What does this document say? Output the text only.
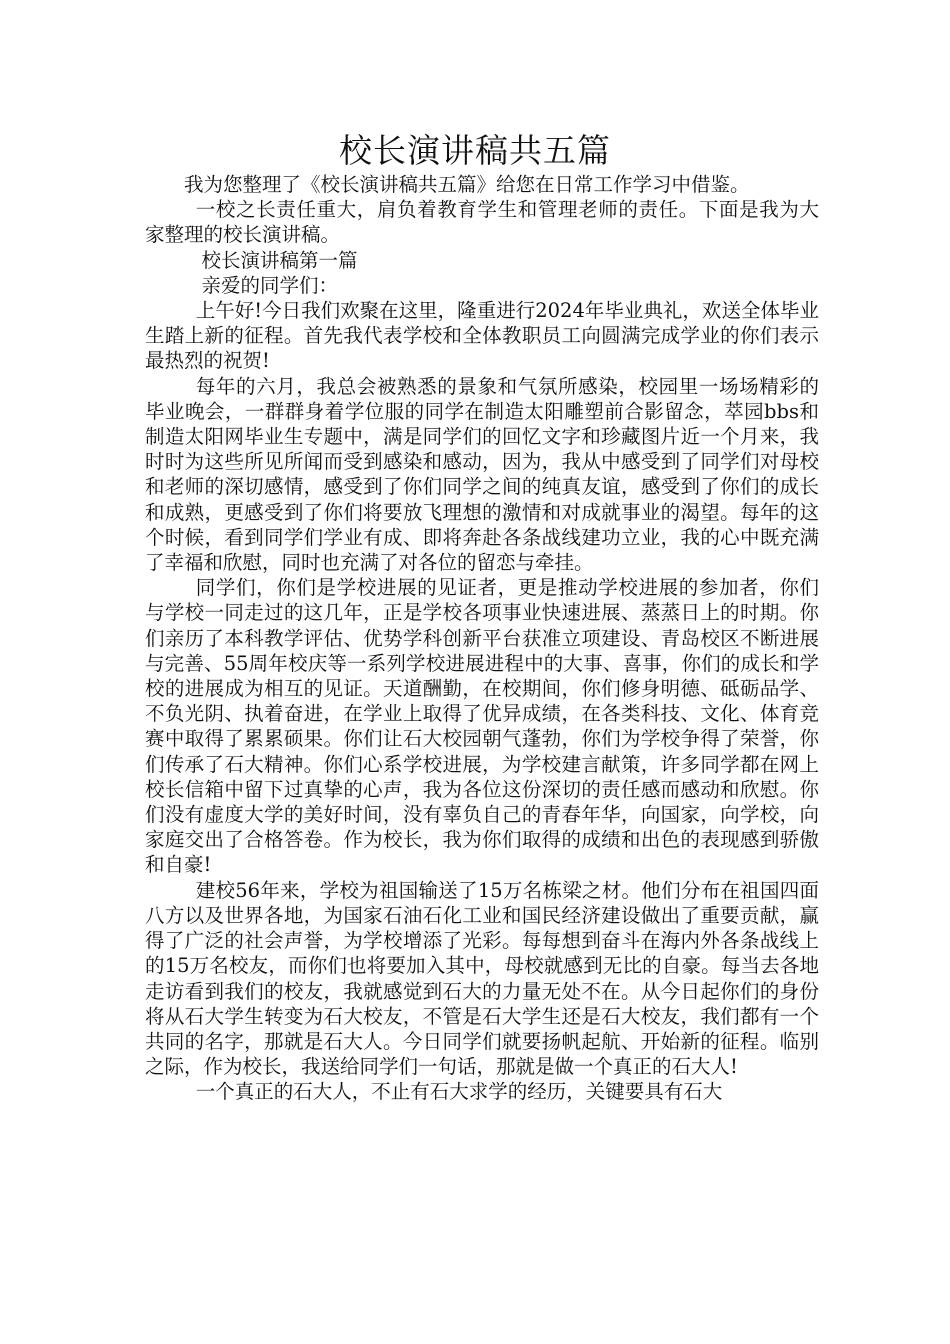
校长演讲稿共五篇

我为您整理了《校长演讲稿共五篇》给您在日常工作学习中借鉴。

一校之长责任重大，肩负着教育学生和管理老师的责任。下面是我为大家整理的校长演讲稿。

校长演讲稿第一篇

亲爱的同学们：

上午好!今日我们欢聚在这里，隆重进行2024年毕业典礼，欢送全体毕业生踏上新的征程。首先我代表学校和全体教职员工向圆满完成学业的你们表示最热烈的祝贺!

每年的六月，我总会被熟悉的景象和气氛所感染，校园里一场场精彩的毕业晚会，一群群身着学位服的同学在制造太阳雕塑前合影留念，萃园bbs和制造太阳网毕业生专题中，满是同学们的回忆文字和珍藏图片近一个月来，我时时为这些所见所闻而受到感染和感动，因为，我从中感受到了同学们对母校和老师的深切感情，感受到了你们同学之间的纯真友谊，感受到了你们的成长和成熟，更感受到了你们将要放飞理想的激情和对成就事业的渴望。每年的这个时候，看到同学们学业有成、即将奔赴各条战线建功立业，我的心中既充满了幸福和欣慰，同时也充满了对各位的留恋与牵挂。

同学们，你们是学校进展的见证者，更是推动学校进展的参加者，你们与学校一同走过的这几年，正是学校各项事业快速进展、蒸蒸日上的时期。你们亲历了本科教学评估、优势学科创新平台获准立项建设、青岛校区不断进展与完善、55周年校庆等一系列学校进展进程中的大事、喜事，你们的成长和学校的进展成为相互的见证。天道酬勤，在校期间，你们修身明德、砥砺品学、不负光阴、执着奋进，在学业上取得了优异成绩，在各类科技、文化、体育竞赛中取得了累累硕果。你们让石大校园朝气蓬勃，你们为学校争得了荣誉，你们传承了石大精神。你们心系学校进展，为学校建言献策，许多同学都在网上校长信箱中留下过真挚的心声，我为各位这份深切的责任感而感动和欣慰。你们没有虚度大学的美好时间，没有辜负自己的青春年华，向国家，向学校，向家庭交出了合格答卷。作为校长，我为你们取得的成绩和出色的表现感到骄傲和自豪!

建校56年来，学校为祖国输送了15万名栋梁之材。他们分布在祖国四面八方以及世界各地，为国家石油石化工业和国民经济建设做出了重要贡献，赢得了广泛的社会声誉，为学校增添了光彩。每每想到奋斗在海内外各条战线上的15万名校友，而你们也将要加入其中，母校就感到无比的自豪。每当去各地走访看到我们的校友，我就感觉到石大的力量无处不在。从今日起你们的身份将从石大学生转变为石大校友，不管是石大学生还是石大校友，我们都有一个共同的名字，那就是石大人。今日同学们就要扬帆起航、开始新的征程。临别之际，作为校长，我送给同学们一句话，那就是做一个真正的石大人!

一个真正的石大人，不止有石大求学的经历，关键要具有石大
